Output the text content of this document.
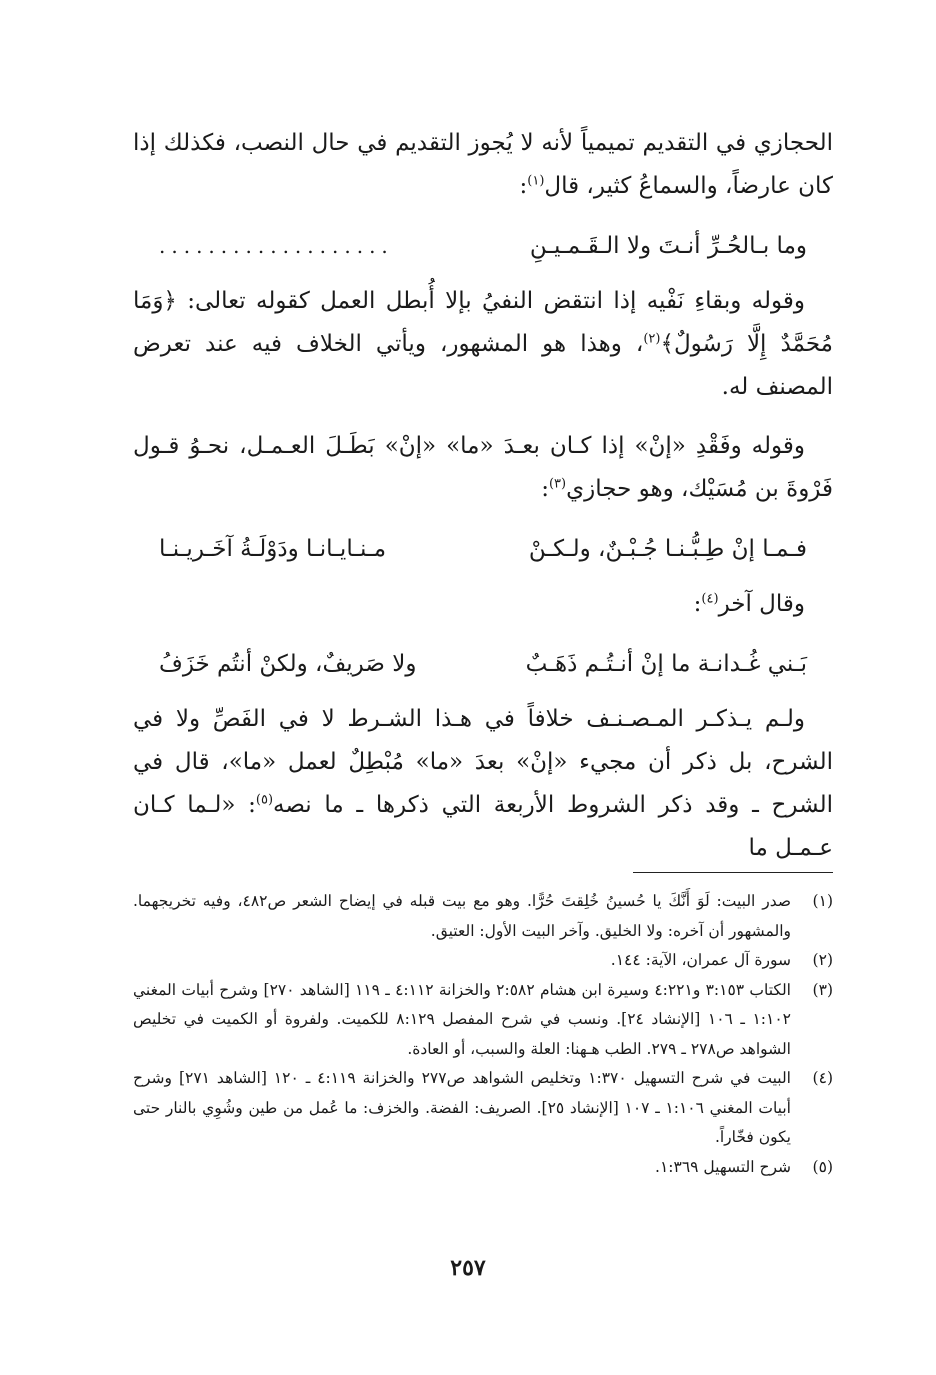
الحجازي في التقديم تميمياً لأنه لا يُجوز التقديم في حال النصب، فكذلك إذا كان عارضاً، والسماعُ كثير، قال$^{(١)}$:

وما بـالحُـرِّ أنـتَ ولا الـقَـمـيـنِ
...................

وقوله وبقاءِ نَفْيه إذا انتقض النفيُ بإلا أُبطل العمل كقوله تعالى: ﴿وَمَا مُحَمَّدٌ إِلَّا رَسُولٌ﴾$^{(٢)}$، وهذا هو المشهور، ويأتي الخلاف فيه عند تعرض المصنف له.

وقوله وفَقْدِ «إنْ» إذا كـان بعـدَ «ما» «إنْ» بَطَـلَ العـمـل، نحـوُ قـول فَرْوةَ بن مُسَيْك، وهو حجازي$^{(٣)}$:

فـمـا إنْ طِـبُّـنـا جُـبْـنٌ، ولـكـنْ
مـنـايـانـا ودَوْلَـةُ آخَـريـنـا

وقال آخر$^{(٤)}$:

بَـني غُـدانـة ما إنْ أنـتُـم ذَهَـبٌ
ولا صَريفٌ، ولكنْ أنتُم خَزَفُ

ولـم يـذكـر المـصـنـف خلافاً في هـذا الشـرط لا في الفَصِّ ولا في الشرح، بل ذكر أن مجيء «إنْ» بعدَ «ما» مُبْطِلٌ لعمل «ما»، قال في الشرح ـ وقد ذكر الشروط الأربعة التي ذكرها ـ ما نصه$^{(٥)}$: «لـما كـان عـمـل ما

(١)
صدر البيت: لَوَ أَنَّكَ يا حُسينُ خُلِقتَ حُرًّا. وهو مع بيت قبله في إيضاح الشعر ص٤٨٢، وفيه تخريجهما. والمشهور أن آخره: ولا الخليق. وآخر البيت الأول: العتيق.
(٢)
سورة آل عمران، الآية: ١٤٤.
(٣)
الكتاب ٣:١٥٣ و٤:٢٢١ وسيرة ابن هشام ٢:٥٨٢ والخزانة ٤:١١٢ ـ ١١٩ [الشاهد ٢٧٠] وشرح أبيات المغني ١:١٠٢ ـ ١٠٦ [الإنشاد ٢٤]. ونسب في شرح المفصل ٨:١٢٩ للكميت. ولفروة أو الكميت في تخليص الشواهد ص٢٧٨ ـ ٢٧٩. الطب هـهنا: العلة والسبب، أو العادة.
(٤)
البيت في شرح التسهيل ١:٣٧٠ وتخليص الشواهد ص٢٧٧ والخزانة ٤:١١٩ ـ ١٢٠ [الشاهد ٢٧١] وشرح أبيات المغني ١:١٠٦ ـ ١٠٧ [الإنشاد ٢٥]. الصريف: الفضة. والخزف: ما عُمل من طين وشُوِي بالنار حتى يكون فخّاراً.
(٥)
شرح التسهيل ١:٣٦٩.
٢٥٧
